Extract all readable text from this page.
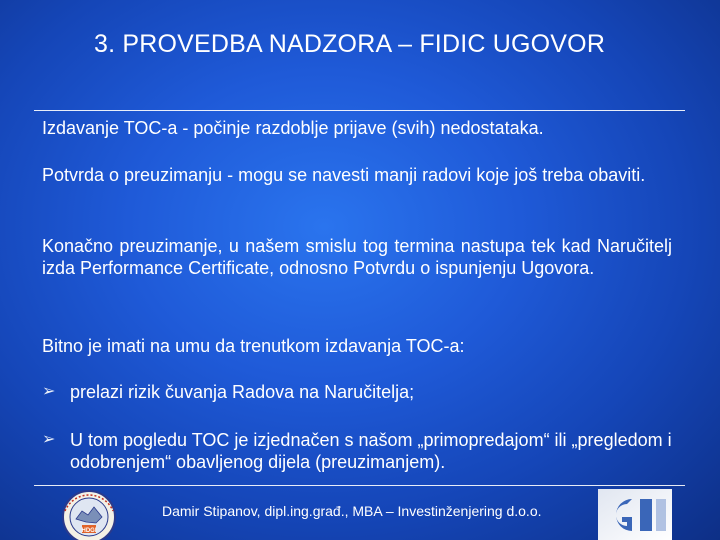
3. PROVEDBA NADZORA – FIDIC UGOVOR

Izdavanje TOC-a - počinje razdoblje prijave (svih) nedostataka.

Potvrda o preuzimanju - mogu se navesti manji radovi koje još treba obaviti.

Konačno preuzimanje, u našem smislu tog termina nastupa tek kad Naručitelj izda Performance Certificate, odnosno Potvrdu o ispunjenju Ugovora.

Bitno je imati na umu da trenutkom izdavanja TOC-a:

➢ prelazi rizik čuvanja Radova na Naručitelja;
➢ U tom pogledu TOC je izjednačen s našom „primopredajom“ ili „pregledom i odobrenjem“ obavljenog dijela (preuzimanjem).
HDGI
Damir Stipanov, dipl.ing.građ., MBA – Investinženjering d.o.o.
